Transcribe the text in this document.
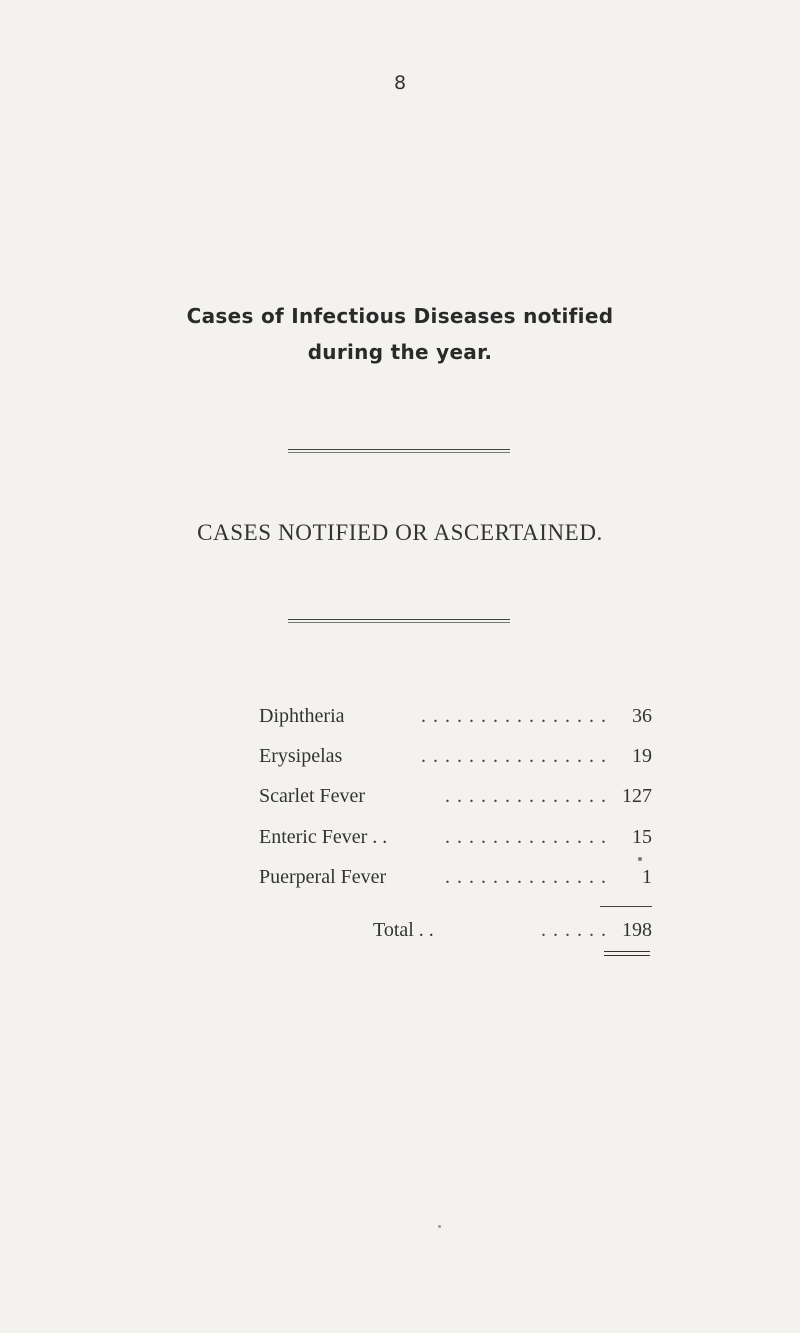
8
Cases of Infectious Diseases notified
during the year.
CASES NOTIFIED OR ASCERTAINED.
Diphtheria	. . . . . . . . . . . . . . . . 36
Erysipelas	. . . . . . . . . . . . . . . . 19
Scarlet Fever	. . . . . . . . . . . . . . 127
Enteric Fever . .	. . . . . . . . . . . . . . 15
Puerperal Fever	. . . . . . . . . . . . . . 1
Total . .	. . . . . . 198
